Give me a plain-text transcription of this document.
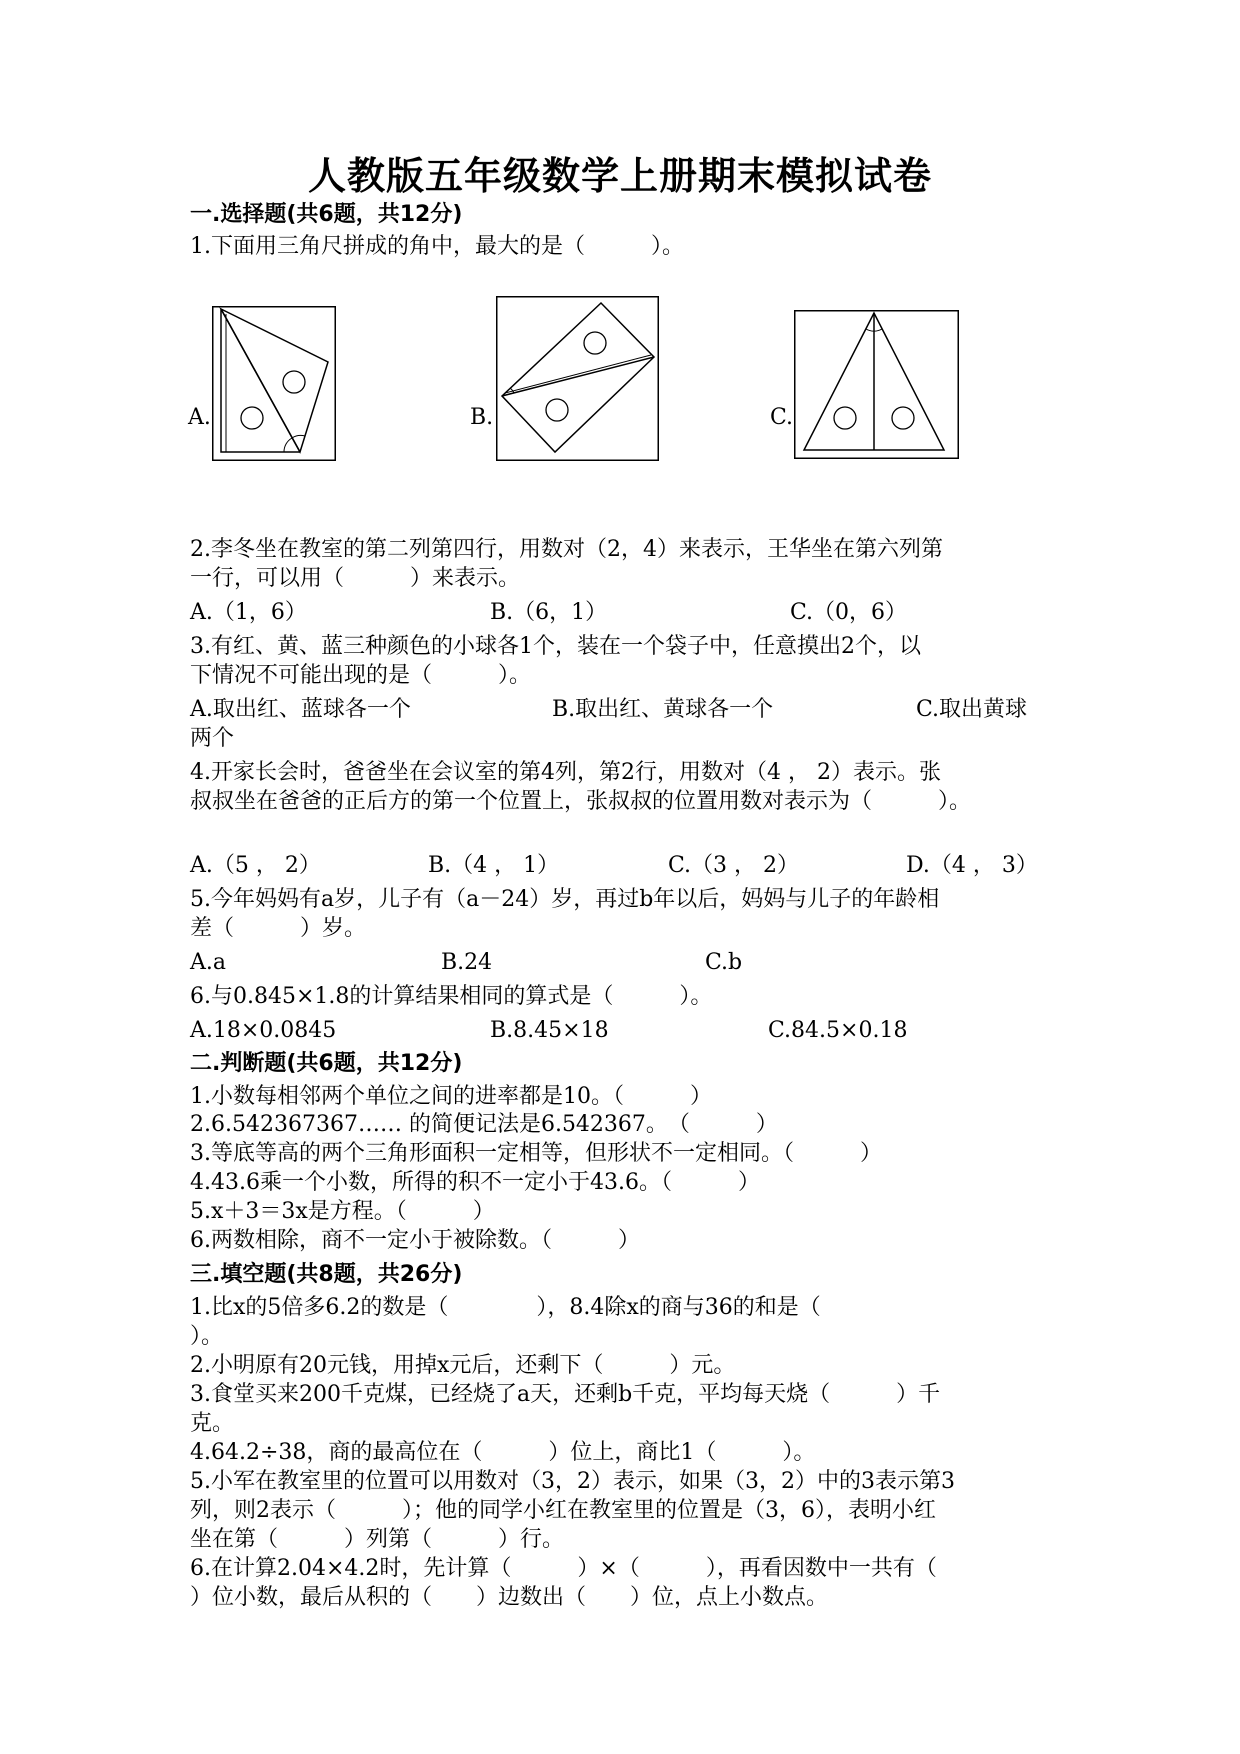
人教版五年级数学上册期末模拟试卷
一.选择题(共6题，共12分)
1.下面用三角尺拼成的角中，最大的是（　　　）。
A.	B.	C.
2.李冬坐在教室的第二列第四行，用数对（2，4）来表示，王华坐在第六列第
一行，可以用（　　　）来表示。
A.（1，6）	B.（6，1）	C.（0，6）
3.有红、黄、蓝三种颜色的小球各1个，装在一个袋子中，任意摸出2个，以
下情况不可能出现的是（　　　）。
A.取出红、蓝球各一个	B.取出红、黄球各一个	C.取出黄球
两个
4.开家长会时，爸爸坐在会议室的第4列，第2行，用数对（4 ， 2）表示。张
叔叔坐在爸爸的正后方的第一个位置上，张叔叔的位置用数对表示为（　　　）。
A.（5 ， 2）	B.（4 ， 1）	C.（3 ， 2）	D.（4 ， 3）
5.今年妈妈有a岁，儿子有（a－24）岁，再过b年以后，妈妈与儿子的年龄相
差（　　　）岁。
A.a	B.24	C.b
6.与0.845×1.8的计算结果相同的算式是（　　　）。
A.18×0.0845	B.8.45×18	C.84.5×0.18
二.判断题(共6题，共12分)
1.小数每相邻两个单位之间的进率都是10。（　　　）
2.6.542367367…… 的简便记法是6.542367。　（　　　）
3.等底等高的两个三角形面积一定相等，但形状不一定相同。（　　　）
4.43.6乘一个小数，所得的积不一定小于43.6。（　　　）
5.x＋3＝3x是方程。（　　　）
6.两数相除，商不一定小于被除数。（　　　）
三.填空题(共8题，共26分)
1.比x的5倍多6.2的数是（　　　　），8.4除x的商与36的和是（
）。
2.小明原有20元钱，用掉x元后，还剩下（　　　）元。
3.食堂买来200千克煤，已经烧了a天，还剩b千克，平均每天烧（　　　）千
克。
4.64.2÷38，商的最高位在（　　　）位上，商比1（　　　）。
5.小军在教室里的位置可以用数对（3，2）表示，如果（3，2）中的3表示第3
列，则2表示（　　　）；他的同学小红在教室里的位置是（3，6），表明小红
坐在第（　　　）列第（　　　）行。
6.在计算2.04×4.2时，先计算（　　　）×（　　　），再看因数中一共有（
）位小数，最后从积的（　　）边数出（　　）位，点上小数点。
